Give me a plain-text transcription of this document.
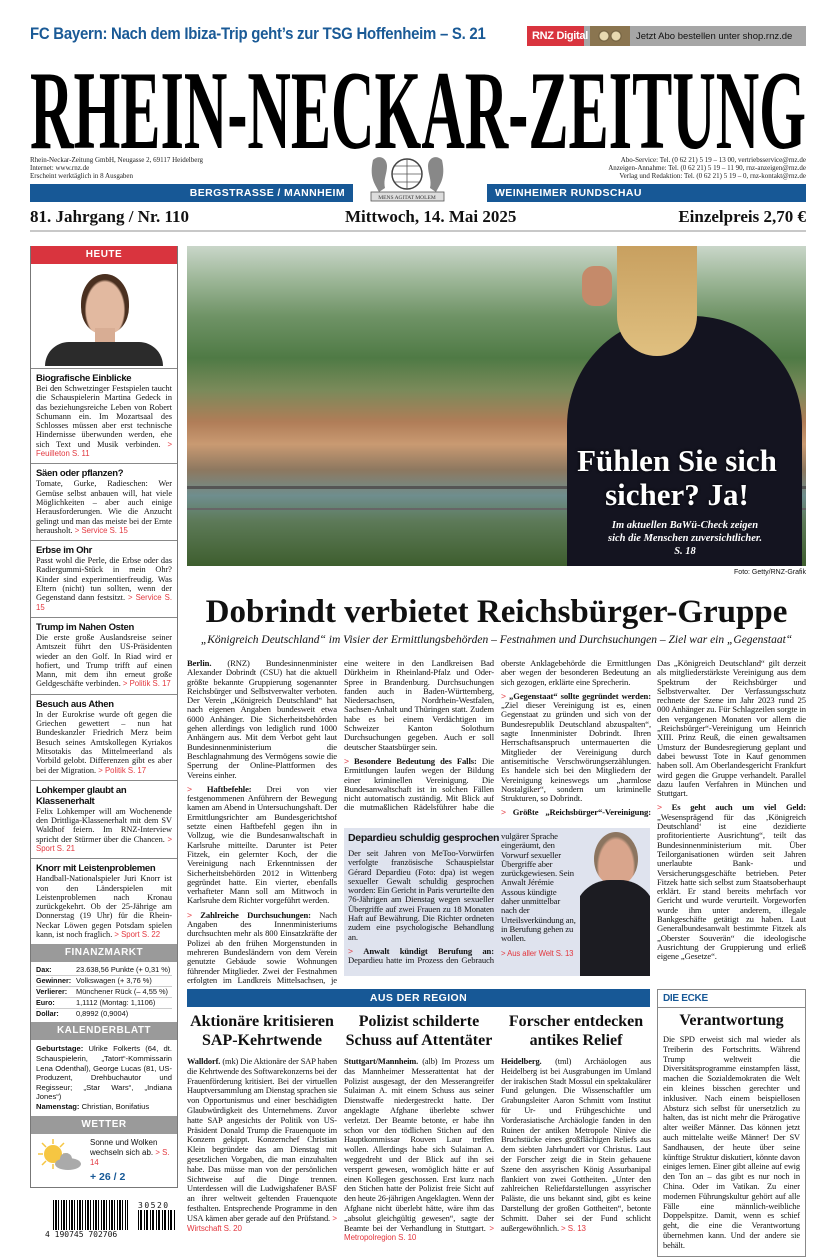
FC Bayern: Nach dem Ibiza-Trip geht’s zur TSG Hoffenheim – S. 21	RNZ Digital	Jetzt Abo bestellen unter shop.rnz.de
RHEIN-NECKAR-ZEITUNG
Rhein-Neckar-Zeitung GmbH, Neugasse 2, 69117 Heidelberg
Internet: www.rnz.de
Erscheint werktäglich in 8 Ausgaben
Abo-Service: Tel. (0 62 21) 5 19 – 13 00, vertriebsservice@rnz.de
Anzeigen-Annahme: Tel. (0 62 21) 5 19 – 11 90, rnz-anzeigen@rnz.de
Verlag und Redaktion: Tel. (0 62 21) 5 19 – 0, rnz-kontakt@rnz.de
MENS AGITAT MOLEM
BERGSTRASSE / MANNHEIM	WEINHEIMER RUNDSCHAU
81. Jahrgang / Nr. 110	Mittwoch, 14. Mai 2025	Einzelpreis 2,70 €
HEUTE
Biografische Einblicke
Bei den Schwetzinger Festspielen taucht die Schauspielerin Martina Gedeck in das beziehungsreiche Leben von Robert Schumann ein. Im Mozartsaal des Schlosses müssen aber erst technische Hindernisse überwunden werden, ehe sich Text und Musik verbinden. > Feuilleton S. 11
Säen oder pflanzen?
Tomate, Gurke, Radieschen: Wer Gemüse selbst anbauen will, hat viele Möglichkeiten – aber auch einige Herausforderungen. Wie die Anzucht gelingt und man das meiste bei der Ernte herausholt. > Service S. 15
Erbse im Ohr
Passt wohl die Perle, die Erbse oder das Radiergummi-Stück in mein Ohr? Kinder sind experimentierfreudig. Was Eltern (nicht) tun sollten, wenn der Gegenstand dann festsitzt. > Service S. 15
Trump im Nahen Osten
Die erste große Auslandsreise seiner Amtszeit führt den US-Präsidenten wieder an den Golf. In Riad wird er hofiert, und Trump trifft auf einen Mann, mit dem ihn erneut große Geldgeschäfte verbinden. > Politik S. 17
Besuch aus Athen
In der Eurokrise wurde oft gegen die Griechen gewettert – nun hat Bundeskanzler Friedrich Merz beim Besuch seines Amtskollegen Kyriakos Mitsotakis das Mittelmeerland als Vorbild gelobt. Differenzen gibt es aber bei der Migration. > Politik S. 17
Lohkemper glaubt an Klassenerhalt
Felix Lohkemper will am Wochenende den Drittliga-Klassenerhalt mit dem SV Waldhof feiern. Im RNZ-Interview spricht der Stürmer über die Chancen. > Sport S. 21
Knorr mit Leistenproblemen
Handball-Nationalspieler Juri Knorr ist von den Länderspielen mit Leistenproblemen nach Kronau zurückgekehrt. Ob der 25-Jährige am Donnerstag (19 Uhr) für die Rhein-Neckar Löwen gegen Potsdam spielen kann, ist noch fraglich. > Sport S. 22
FINANZMARKT
Dax:	23.638,56 Punkte (+ 0,31 %)
Gewinner: Volkswagen (+ 3,76 %)
Verlierer:	Münchener Rück (– 4,55 %)
Euro:	1,1112 (Montag: 1,1106)
Dollar:	0,8992 (0,9004)
KALENDERBLATT
Geburtstage: Ulrike Folkerts (64, dt. Schauspielerin, „Tatort“-Kommissarin Lena Odenthal), George Lucas (81, US-Produzent, Drehbuchautor und Regisseur; „Star Wars“, „Indiana Jones“)
Namenstag: Christian, Bonifatius
WETTER
Sonne und Wolken wechseln sich ab. > S. 14
+ 26 / 2
30520
4 190745 702706
Fühlen Sie sich
sicher? Ja!
Im aktuellen BaWü-Check zeigen sich die Menschen zuversichtlicher. S. 18
Foto: Getty/RNZ-Grafik
Dobrindt verbietet Reichsbürger-Gruppe
„Königreich Deutschland“ im Visier der Ermittlungsbehörden – Festnahmen und Durchsuchungen – Ziel war ein „Gegenstaat“

Berlin. (RNZ) Bundesinnenminister Alexander Dobrindt (CSU) hat die aktuell größte bekannte Gruppierung sogenannter Reichsbürger und Selbstverwalter verboten. Der Verein „Königreich Deutschland“ hat nach eigenen Angaben bundesweit etwa 6000 Anhänger. Die Sicherheitsbehörden gehen allerdings von lediglich rund 1000 Anhängern aus. Mit dem Verbot geht laut Bundesinnenministerium die Beschlagnahmung des Vermögens sowie die Sperrung der Online-Plattformen des Vereins einher.

> Haftbefehle: Drei von vier festgenommenen Anführern der Bewegung kamen am Abend in Untersuchungshaft. Der Ermittlungsrichter am Bundesgerichtshof setzte einen Haftbefehl gegen ihn in Vollzug, wie die Bundesanwaltschaft in Karlsruhe mitteilte. Darunter ist Peter Fitzek, ein gelernter Koch, der die Vereinigung nach Erkenntnissen der Sicherheitsbehörden 2012 in Wittenberg gegründet hatte. Ein vierter, ebenfalls verhafteter Mann soll am Mittwoch in Karlsruhe dem Richter vorgeführt werden.

> Zahlreiche Durchsuchungen: Nach Angaben des Innenministeriums durchsuchten mehr als 800 Einsatzkräfte der Polizei ab den frühen Morgenstunden in mehreren Bundesländern von dem Verein genutzte Gebäude sowie Wohnungen führender Mitglieder. Zwei der Festnahmen erfolgten im Landkreis Mittelsachsen, je

eine weitere in den Landkreisen Bad Dürkheim in Rheinland-Pfalz und Oder-Spree in Brandenburg. Durchsuchungen fanden auch in Baden-Württemberg, Niedersachsen, Nordrhein-Westfalen, Sachsen-Anhalt und Thüringen statt. Zudem habe es bei einem Verdächtigen im Schweizer Kanton Solothurn Durchsuchungen gegeben. Auch er soll deutscher Staatsbürger sein.

> Besondere Bedeutung des Falls: Die Ermittlungen laufen wegen der Bildung einer kriminellen Vereinigung. Die Bundesanwaltschaft ist in solchen Fällen nicht automatisch zuständig. Mit Blick auf die mutmaßlichen Rädelsführer habe die

oberste Anklagebehörde die Ermittlungen aber wegen der besonderen Bedeutung an sich gezogen, erklärte eine Sprecherin.

> „Gegenstaat“ sollte gegründet werden: „Ziel dieser Vereinigung ist es, einen Gegenstaat zu gründen und sich von der Bundesrepublik Deutschland abzuspalten“, sagte Innenminister Dobrindt. Ihren Herrschaftsanspruch untermauerten die Mitglieder der Vereinigung durch antisemitische Verschwörungserzählungen. Es handele sich bei den Mitgliedern der Vereinigung keineswegs um „harmlose Nostalgiker“, sondern um kriminelle Strukturen, so Dobrindt.

> Größte „Reichsbürger“-Vereinigung:

Das „Königreich Deutschland“ gilt derzeit als mitgliederstärkste Vereinigung aus dem Spektrum der Reichsbürger und Selbstverwalter. Der Verfassungsschutz rechnete der Szene im Jahr 2023 rund 25 000 Anhänger zu. Für Schlagzeilen sorgte in den vergangenen Monaten vor allem die „Reichsbürger“-Vereinigung um Heinrich XIII. Prinz Reuß, die einen gewaltsamen Umsturz der Bundesregierung geplant und dabei bewusst Tote in Kauf genommen haben soll. Am Oberlandesgericht Frankfurt wird gegen die Gruppe verhandelt. Parallel dazu laufen Verfahren in München und Stuttgart.

> Es geht auch um viel Geld: „Wesensprägend für das ‚Königreich Deutschland‘ ist eine dezidierte profitorientierte Ausrichtung“, teilt das Bundesinnenministerium mit. Über Teilorganisationen würden seit Jahren unerlaubte Bank- und Versicherungsgeschäfte betrieben. Peter Fitzek hatte sich selbst zum Staatsoberhaupt erklärt. Er stand bereits mehrfach vor Gericht und wurde verurteilt. Vorgeworfen wurde ihm unter anderem, illegale Bankgeschäfte getätigt zu haben. Laut Generalbundesanwalt bestimmte Fitzek als „Oberster Souverän“ die ideologische Ausrichtung der Gruppierung und erließ eigene „Gesetze“.

Depardieu schuldig gesprochen

Der seit Jahren von MeToo-Vorwürfen verfolgte französische Schauspielstar Gérard Depardieu (Foto: dpa) ist wegen sexueller Gewalt schuldig gesprochen worden: Ein Gericht in Paris verurteilte den 76-Jährigen am Dienstag wegen sexueller Übergriffe auf zwei Frauen zu 18 Monaten Haft auf Bewährung. Die Richter ordneten zudem eine psychologische Behandlung an.

> Anwalt kündigt Berufung an: Depardieu hatte im Prozess den Gebrauch

vulgärer Sprache eingeräumt, den Vorwurf sexueller Übergriffe aber zurückgewiesen. Sein Anwalt Jérémie Assous kündigte daher unmittelbar nach der Urteilsverkündung an, in Berufung gehen zu wollen.

> Aus aller Welt S. 13

AUS DER REGION
Aktionäre kritisieren SAP-Kehrtwende
Walldorf. (mk) Die Aktionäre der SAP haben die Kehrtwende des Softwarekonzerns bei der Frauenförderung kritisiert. Bei der virtuellen Hauptversammlung am Dienstag sprachen sie von Opportunismus und einer beschädigten Glaubwürdigkeit des Unternehmens. Zuvor hatte SAP angesichts der Politik von US-Präsident Donald Trump die Frauenquote im Konzern gekippt. Konzernchef Christian Klein begründete das am Dienstag mit gesetzlichen Vorgaben, die man einzuhalten habe. Das müsse man von der persönlichen Sichtweise auf die Dinge trennen. Unterdessen will die Ludwigshafener BASF an ihrer weltweit geltenden Frauenquote festhalten. Entsprechende Programme in den USA kämen aber gerade auf den Prüfstand. > Wirtschaft S. 20
Polizist schilderte Schuss auf Attentäter
Stuttgart/Mannheim. (alb) Im Prozess um das Mannheimer Messerattentat hat der Polizist ausgesagt, der den Messerangreifer Sulaiman A. mit einem Schuss aus seiner Dienstwaffe niedergestreckt hatte. Der angeklagte Afghane überlebte schwer verletzt. Der Beamte betonte, er habe ihn schon vor den tödlichen Stichen auf den Hauptkommissar Rouven Laur treffen wollen. Allerdings habe sich Sulaiman A. weggedreht und der Blick auf ihn sei versperrt gewesen, womöglich hätte er auf einen Kollegen geschossen. Erst kurz nach den Stichen hatte der Polizist freie Sicht auf den heute 26-jährigen Angeklagten. Wenn der Afghane nicht überlebt hätte, wäre ihm das „absolut gleichgültig gewesen“, sagte der Beamte bei der Verhandlung in Stuttgart. > Metropolregion S. 10
Forscher entdecken antikes Relief
Heidelberg. (tml) Archäologen aus Heidelberg ist bei Ausgrabungen im Umland der irakischen Stadt Mossul ein spektakulärer Fund gelungen. Die Wissenschaftler um Grabungsleiter Aaron Schmitt vom Institut für Ur- und Frühgeschichte und Vorderasiatische Archäologie fanden in den Ruinen der antiken Metropole Ninive die Bruchstücke eines großflächigen Reliefs aus dem siebten Jahrhundert vor Christus. Laut der Forscher zeigt die in Stein gehauene Szene den assyrischen König Assurbanipal flankiert von zwei Gottheiten. „Unter den zahlreichen Reliefdarstellungen assyrischer Paläste, die uns bekannt sind, gibt es keine Darstellung der großen Gottheiten“, betonte Schmitt. Daher sei der Fund schlicht außergewöhnlich. > S. 13
DIE ECKE
Verantwortung
Die SPD erweist sich mal wieder als Treiberin des Fortschritts. Während Trump weltweit die Diversitätsprogramme einstampfen lässt, machen die Sozialdemokraten die Welt ein kleines bisschen gerechter und inklusiver. Nach einem beispiellosen Absturz sich selbst für unersetzlich zu halten, das ist nicht mehr die Prärogative alter weißer Männer. Das können jetzt auch mittelalte weiße Männer! Der SV Sandhausen, der heute über seine künftige Struktur diskutiert, könnte davon einiges lernen. Einer gibt alleine auf ewig den Ton an – das gibt es nur noch in China. Oder im Vatikan. Zu einer modernen Führungskultur gehört auf alle Fälle eine männlich-weibliche Doppelspitze. Damit, wenn es schief geht, die eine die Verantwortung übernehmen kann. Und der andere sie behält.
